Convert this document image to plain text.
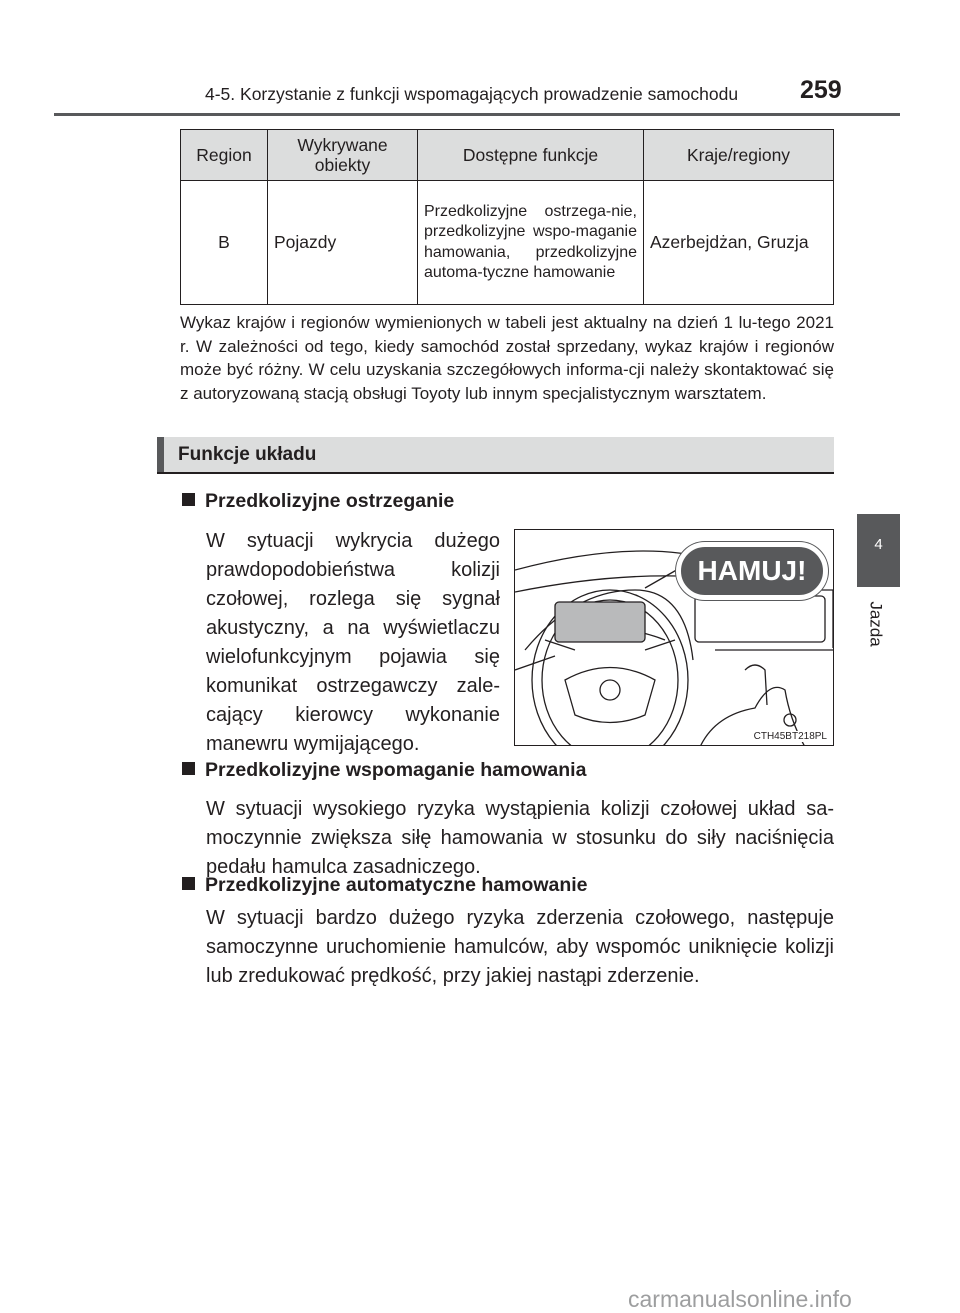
4-5. Korzystanie z funkcji wspomagających prowadzenie samochodu 259
4
Jazda
Region	Wykrywane obiekty	Dostępne funkcje	Kraje/regiony
B	Pojazdy	Przedkolizyjne ostrzega-nie, przedkolizyjne wspo-maganie hamowania, przedkolizyjne automa-tyczne hamowanie	Azerbejdżan, Gruzja
Wykaz krajów i regionów wymienionych w tabeli jest aktualny na dzień 1 lu-tego 2021 r. W zależności od tego, kiedy samochód został sprzedany, wykaz krajów i regionów może być różny. W celu uzyskania szczegółowych informa-cji należy skontaktować się z autoryzowaną stacją obsługi Toyoty lub innym specjalistycznym warsztatem.
Funkcje układu
Przedkolizyjne ostrzeganie
W sytuacji wykrycia dużego prawdopodobieństwa kolizji czołowej, rozlega się sygnał akustyczny, a na wyświetlaczu wielofunkcyjnym pojawia się komunikat ostrzegawczy zale-cający kierowcy wykonanie manewru wymijającego.
HAMUJ!
CTH45BT218PL
Przedkolizyjne wspomaganie hamowania
W sytuacji wysokiego ryzyka wystąpienia kolizji czołowej układ sa-moczynnie zwiększa siłę hamowania w stosunku do siły naciśnięcia pedału hamulca zasadniczego.
Przedkolizyjne automatyczne hamowanie
W sytuacji bardzo dużego ryzyka zderzenia czołowego, następuje samoczynne uruchomienie hamulców, aby wspomóc uniknięcie kolizji lub zredukować prędkość, przy jakiej nastąpi zderzenie.
carmanualsonline.info
